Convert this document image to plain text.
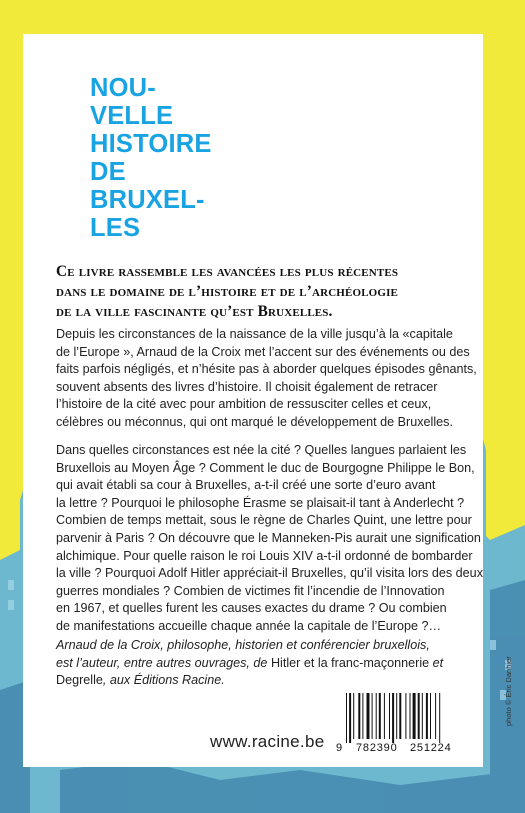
NOU-
VELLE
HISTOIRE
DE
BRUXEL-
LES

Ce livre rassemble les avancées les plus récentes
dans le domaine de l’histoire et de l’archéologie
de la ville fascinante qu’est Bruxelles.

Depuis les circonstances de la naissance de la ville jusqu’à la «capitale
de l’Europe », Arnaud de la Croix met l’accent sur des événements ou des
faits parfois négligés, et n’hésite pas à aborder quelques épisodes gênants,
souvent absents des livres d’histoire. Il choisit également de retracer
l’histoire de la cité avec pour ambition de ressusciter celles et ceux,
célèbres ou méconnus, qui ont marqué le développement de Bruxelles.

Dans quelles circonstances est née la cité ? Quelles langues parlaient les
Bruxellois au Moyen Âge ? Comment le duc de Bourgogne Philippe le Bon,
qui avait établi sa cour à Bruxelles, a-t-il créé une sorte d’euro avant
la lettre ? Pourquoi le philosophe Érasme se plaisait-il tant à Anderlecht ?
Combien de temps mettait, sous le règne de Charles Quint, une lettre pour
parvenir à Paris ? On découvre que le Manneken-Pis aurait une signification
alchimique. Pour quelle raison le roi Louis XIV a-t-il ordonné de bombarder
la ville ? Pourquoi Adolf Hitler appréciait-il Bruxelles, qu’il visita lors des deux
guerres mondiales ? Combien de victimes fit l’incendie de l’Innovation
en 1967, et quelles furent les causes exactes du drame ? Ou combien
de manifestations accueille chaque année la capitale de l’Europe ?…

Arnaud de la Croix, philosophe, historien et conférencier bruxellois,
est l’auteur, entre autres ouvrages, de Hitler et la franc-maçonnerie et
Degrelle, aux Éditions Racine.

www.racine.be 9 782390 251224
photo © Éric Danhier
